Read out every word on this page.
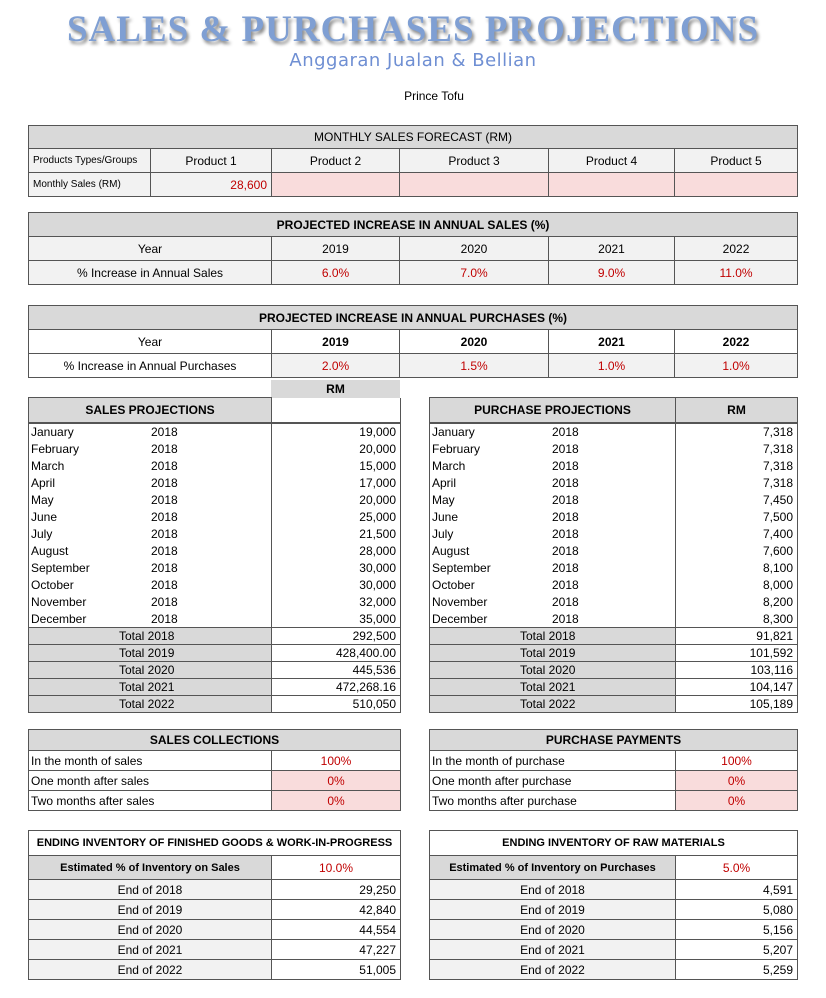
SALES & PURCHASES PROJECTIONS
Anggaran Jualan & Bellian
Prince Tofu
MONTHLY SALES FORECAST (RM)					
Products Types/Groups	Product 1	Product 2	Product 3	Product 4	Product 5
Monthly Sales (RM)	28,600				
PROJECTED INCREASE IN ANNUAL SALES (%)				
Year	2019	2020	2021	2022
% Increase in Annual Sales	6.0%	7.0%	9.0%	11.0%
PROJECTED INCREASE IN ANNUAL PURCHASES (%)				
Year	2019	2020	2021	2022
% Increase in Annual Purchases	2.0%	1.5%	1.0%	1.0%
RM
SALES PROJECTIONS	

January 2018	19,000
February 2018	20,000
March 2018	15,000
April 2018	17,000
May 2018	20,000
June 2018	25,000
July 2018	21,500
August 2018	28,000
September 2018	30,000
October 2018	30,000
November 2018	32,000
December 2018	35,000
Total 2018	292,500
Total 2019	428,400.00
Total 2020	445,536
Total 2021	472,268.16
Total 2022	510,050
PURCHASE PROJECTIONS	RM

January 2018	7,318
February 2018	7,318
March 2018	7,318
April 2018	7,318
May 2018	7,450
June 2018	7,500
July 2018	7,400
August 2018	7,600
September 2018	8,100
October 2018	8,000
November 2018	8,200
December 2018	8,300
Total 2018	91,821
Total 2019	101,592
Total 2020	103,116
Total 2021	104,147
Total 2022	105,189
SALES COLLECTIONS	
In the month of sales	100%
One month after sales	0%
Two months after sales	0%
PURCHASE PAYMENTS	
In the month of purchase	100%
One month after purchase	0%
Two months after purchase	0%
ENDING INVENTORY OF FINISHED GOODS & WORK-IN-PROGRESS	
Estimated % of Inventory on Sales	10.0%
End of 2018	29,250
End of 2019	42,840
End of 2020	44,554
End of 2021	47,227
End of 2022	51,005
ENDING INVENTORY OF RAW MATERIALS	
Estimated % of Inventory on Purchases	5.0%
End of 2018	4,591
End of 2019	5,080
End of 2020	5,156
End of 2021	5,207
End of 2022	5,259
